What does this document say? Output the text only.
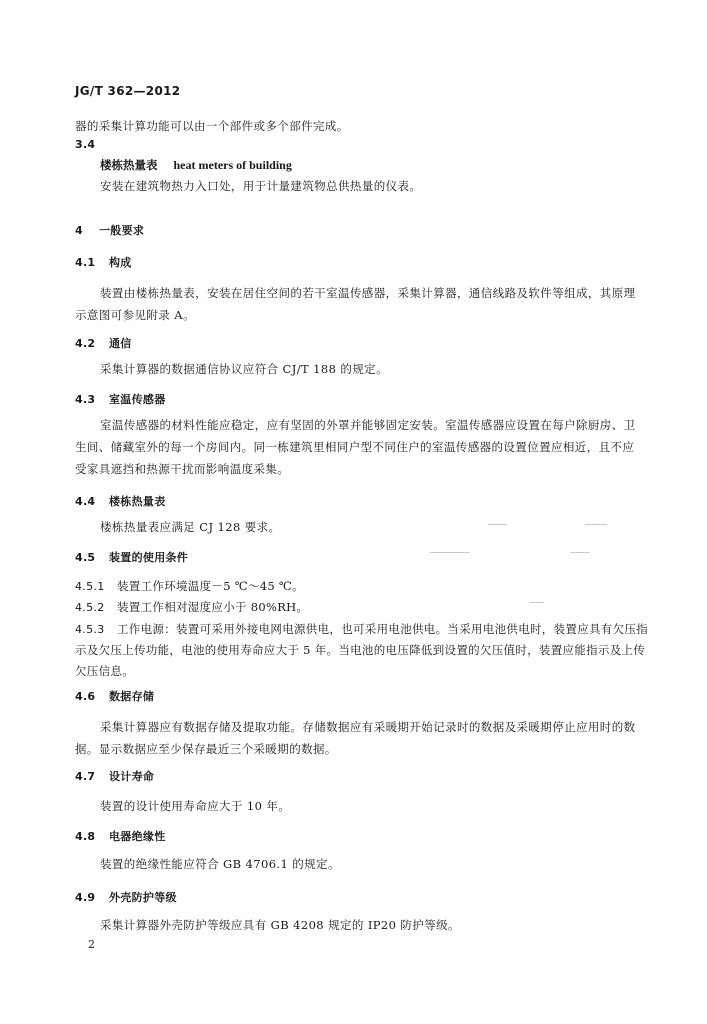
JG/T 362—2012
器的采集计算功能可以由一个部件或多个部件完成。
3.4
楼栋热量表 heat meters of building
安装在建筑物热力入口处，用于计量建筑物总供热量的仪表。
4 一般要求
4.1 构成
装置由楼栋热量表，安装在居住空间的若干室温传感器，采集计算器，通信线路及软件等组成，其原理示意图可参见附录 A。
4.2 通信
采集计算器的数据通信协议应符合 CJ/T 188 的规定。
4.3 室温传感器
室温传感器的材料性能应稳定，应有坚固的外罩并能够固定安装。室温传感器应设置在每户除厨房、卫生间、储藏室外的每一个房间内。同一栋建筑里相同户型不同住户的室温传感器的设置位置应相近，且不应受家具遮挡和热源干扰而影响温度采集。
4.4 楼栋热量表
楼栋热量表应满足 CJ 128 要求。
4.5 装置的使用条件
4.5.1 装置工作环境温度－5 ℃～45 ℃。
4.5.2 装置工作相对湿度应小于 80%RH。
4.5.3 工作电源：装置可采用外接电网电源供电，也可采用电池供电。当采用电池供电时，装置应具有欠压指示及欠压上传功能，电池的使用寿命应大于 5 年。当电池的电压降低到设置的欠压值时，装置应能指示及上传欠压信息。
4.6 数据存储
采集计算器应有数据存储及提取功能。存储数据应有采暖期开始记录时的数据及采暖期停止应用时的数据。显示数据应至少保存最近三个采暖期的数据。
4.7 设计寿命
装置的设计使用寿命应大于 10 年。
4.8 电器绝缘性
装置的绝缘性能应符合 GB 4706.1 的规定。
4.9 外壳防护等级
采集计算器外壳防护等级应具有 GB 4208 规定的 IP20 防护等级。
2
